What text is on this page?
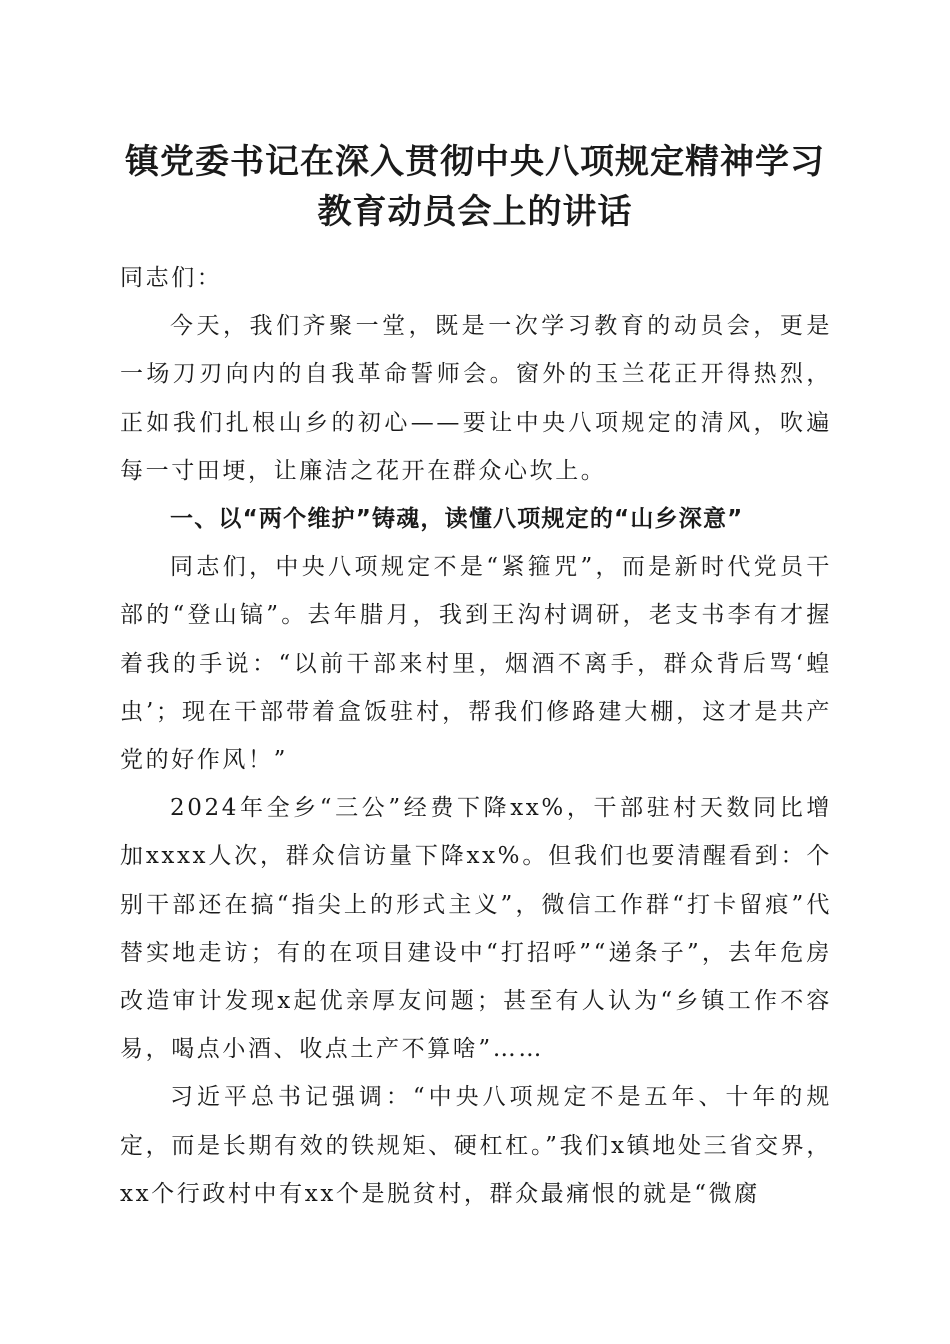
镇党委书记在深入贯彻中央八项规定精神学习
教育动员会上的讲话

同志们：

今天，我们齐聚一堂，既是一次学习教育的动员会，更是一场刀刃向内的自我革命誓师会。窗外的玉兰花正开得热烈，正如我们扎根山乡的初心——要让中央八项规定的清风，吹遍每一寸田埂，让廉洁之花开在群众心坎上。

一、以“两个维护”铸魂，读懂八项规定的“山乡深意”

同志们，中央八项规定不是“紧箍咒”，而是新时代党员干部的“登山镐”。去年腊月，我到王沟村调研，老支书李有才握着我的手说：“以前干部来村里，烟酒不离手，群众背后骂‘蝗虫’；现在干部带着盒饭驻村，帮我们修路建大棚，这才是共产党的好作风！”

2024年全乡“三公”经费下降xx%，干部驻村天数同比增加xxxx人次，群众信访量下降xx%。但我们也要清醒看到：个别干部还在搞“指尖上的形式主义”，微信工作群“打卡留痕”代替实地走访；有的在项目建设中“打招呼”“递条子”，去年危房改造审计发现x起优亲厚友问题；甚至有人认为“乡镇工作不容易，喝点小酒、收点土产不算啥”……

习近平总书记强调：“中央八项规定不是五年、十年的规定，而是长期有效的铁规矩、硬杠杠。”我们x镇地处三省交界，xx个行政村中有xx个是脱贫村，群众最痛恨的就是“微腐
